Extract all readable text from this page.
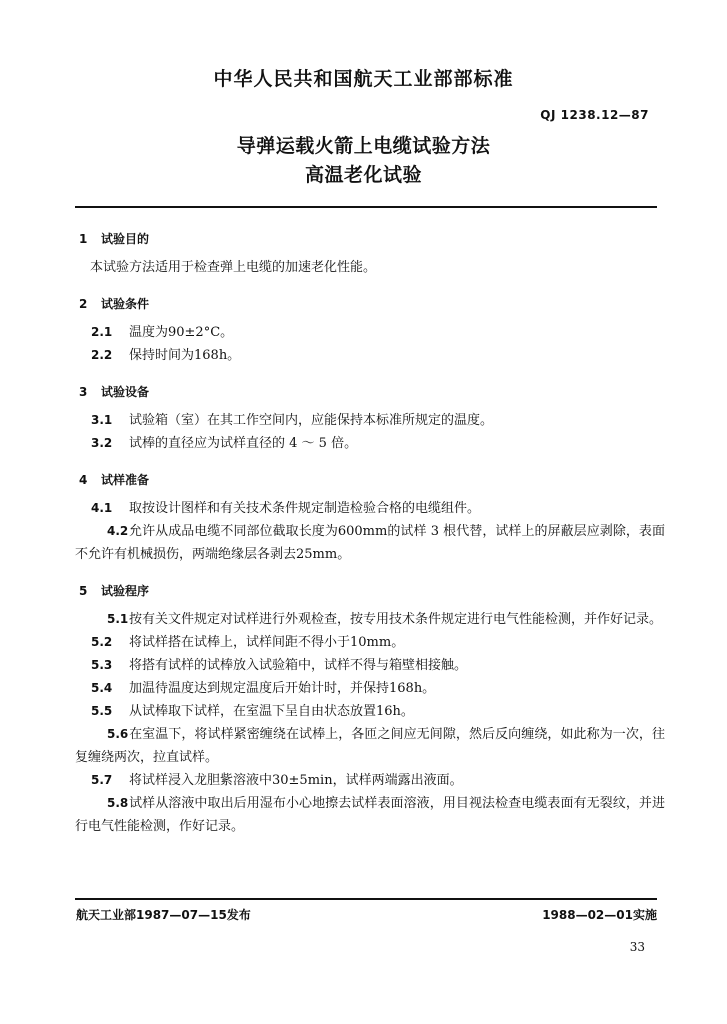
中华人民共和国航天工业部部标准
QJ 1238.12—87
导弹运载火箭上电缆试验方法
高温老化试验
1 试验目的
本试验方法适用于检查弹上电缆的加速老化性能。
2 试验条件
2.1 温度为90±2°C。
2.2 保持时间为168h。
3 试验设备
3.1 试验箱（室）在其工作空间内，应能保持本标准所规定的温度。
3.2 试棒的直径应为试样直径的 4 ～ 5 倍。
4 试样准备
4.1 取按设计图样和有关技术条件规定制造检验合格的电缆组件。
4.2允许从成品电缆不同部位截取长度为600mm的试样 3 根代替，试样上的屏蔽层应剥除，表面不允许有机械损伤，两端绝缘层各剥去25mm。
5 试验程序
5.1按有关文件规定对试样进行外观检查，按专用技术条件规定进行电气性能检测，并作好记录。
5.2 将试样搭在试棒上，试样间距不得小于10mm。
5.3 将搭有试样的试棒放入试验箱中，试样不得与箱壁相接触。
5.4 加温待温度达到规定温度后开始计时，并保持168h。
5.5 从试棒取下试样，在室温下呈自由状态放置16h。
5.6在室温下，将试样紧密缠绕在试棒上，各匝之间应无间隙，然后反向缠绕，如此称为一次，往复缠绕两次，拉直试样。
5.7 将试样浸入龙胆紫溶液中30±5min，试样两端露出液面。
5.8试样从溶液中取出后用湿布小心地擦去试样表面溶液，用目视法检查电缆表面有无裂纹，并进行电气性能检测，作好记录。
航天工业部1987—07—15发布	1988—02—01实施
33
